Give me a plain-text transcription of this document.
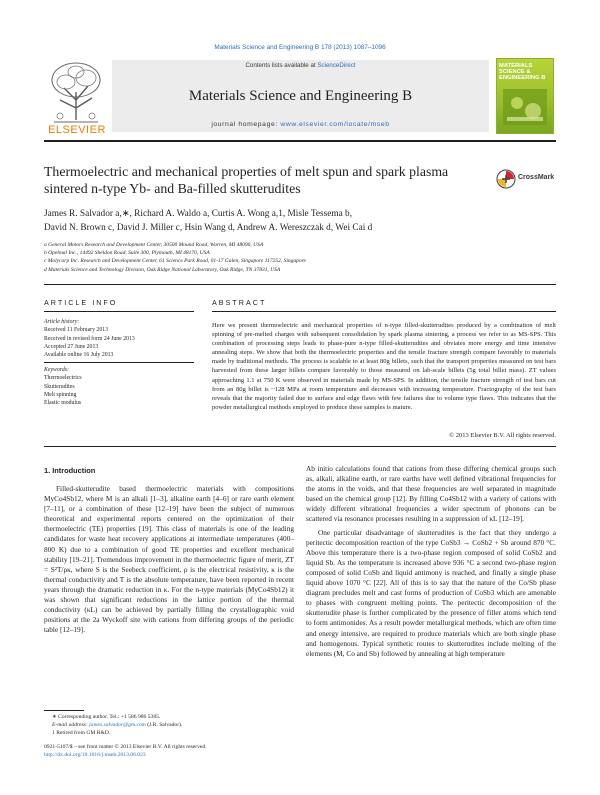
Materials Science and Engineering B 178 (2013) 1087–1096
ELSEVIER
Contents lists available at ScienceDirect
Materials Science and Engineering B
journal homepage: www.elsevier.com/locate/mseb
MATERIALS SCIENCE & ENGINEERING B
Thermoelectric and mechanical properties of melt spun and spark plasma sintered n-type Yb- and Ba-filled skutterudites
CrossMark
James R. Salvador a,∗, Richard A. Waldo a, Curtis A. Wong a,1, Misle Tessema b,
David N. Brown c, David J. Miller c, Hsin Wang d, Andrew A. Wereszczak d, Wei Cai d
a General Motors Research and Development Center, 30500 Mound Road, Warren, MI 48090, USA
b Opelmal Inc., 14492 Sheldon Road, Suite 300, Plymouth, MI 48170, USA
c Molycorp Inc. Research and Development Center, 61 Science Park Road, 01-17 Galen, Singapore 117252, Singapore
d Materials Science and Technology Division, Oak Ridge National Laboratory, Oak Ridge, TN 37831, USA
ARTICLE INFO	ABSTRACT
Article history:
Received 11 February 2013
Received in revised form 24 June 2013
Accepted 27 June 2013
Available online 16 July 2013
Keywords:
Thermoelectrics
Skutterudites
Melt spinning
Elastic modulus
Here we present thermoelectric and mechanical properties of n-type filled-skutterudites produced by a combination of melt spinning of pre-melted charges with subsequent consolidation by spark plasma sintering, a process we refer to as MS-SPS. This combination of processing steps leads to phase-pure n-type filled-skutterudites and obviates more energy and time intensive annealing steps. We show that both the thermoelectric properties and the tensile fracture strength compare favorably to materials made by traditional methods. The process is scalable to at least 80g billets, such that the transport properties measured on test bars harvested from these larger billets compare favorably to those measured on lab-scale billets (5g total billet mass). ZT values approaching 1.1 at 750 K were observed in materials made by MS-SPS. In addition, the tensile fracture strength of test bars cut from an 80g billet is ~128 MPa at room temperature and decreases with increasing temperature. Fractography of the test bars reveals that the majority failed due to surface and edge flaws with few failures due to volume type flaws. This indicates that the powder metallurgical methods employed to produce these samples is mature.
© 2013 Elsevier B.V. All rights reserved.
1. Introduction
Filled-skutterudite based thermoelectric materials with compositions MyCo4Sb12, where M is an alkali [1–3], alkaline earth [4–6] or rare earth element [7–11], or a combination of these [12–19] have been the subject of numerous theoretical and experimental reports centered on the optimization of their thermoelectric (TE) properties [19]. This class of materials is one of the leading candidates for waste heat recovery applications at intermediate temperatures (400–800 K) due to a combination of good TE properties and excellent mechanical stability [19–21]. Tremendous improvement in the thermoelectric figure of merit, ZT = S²T/ρκ, where S is the Seebeck coefficient, ρ is the electrical resistivity, κ is the thermal conductivity and T is the absolute temperature, have been reported in recent years through the dramatic reduction in κ. For the n-type materials (MyCo4Sb12) it was shown that significant reductions in the lattice portion of the thermal conductivity (κL) can be achieved by partially filling the crystallographic void positions at the 2a Wyckoff site with cations from differing groups of the periodic table [12–19].
Ab initio calculations found that cations from these differing chemical groups such as, alkali, alkaline earth, or rare earths have well defined vibrational frequencies for the atoms in the voids, and that these frequencies are well separated in magnitude based on the chemical group [12]. By filling Co4Sb12 with a variety of cations with widely different vibrational frequencies a wider spectrum of phonons can be scattered via resonance processes resulting in a suppression of κL [12–19].
One particular disadvantage of skutterudites is the fact that they undergo a peritectic decomposition reaction of the type CoSb3 → CoSb2 + Sb around 870 °C. Above this temperature there is a two-phase region composed of solid CoSb2 and liquid Sb. As the temperature is increased above 936 °C a second two-phase region composed of solid CoSb and liquid antimony is reached, and finally a single phase liquid above 1070 °C [22]. All of this is to say that the nature of the Co/Sb phase diagram precludes melt and cast forms of production of CoSb3 which are amenable to phases with congruent melting points. The peritectic decomposition of the skutterudite phase is further complicated by the presence of filler atoms which tend to form antimonides. As a result powder metallurgical methods, which are often time and energy intensive, are required to produce materials which are both single phase and homogenous. Typical synthetic routes to skutterudites include melting of the elements (M, Co and Sb) followed by annealing at high temperature
∗ Corresponding author. Tel.: +1 586 986 5385.
E-mail address: james.salvador@gm.com (J.R. Salvador).
1 Retired from GM R&D.
0921-5107/$ – see front matter © 2013 Elsevier B.V. All rights reserved.
http://dx.doi.org/10.1016/j.mseb.2013.06.023
